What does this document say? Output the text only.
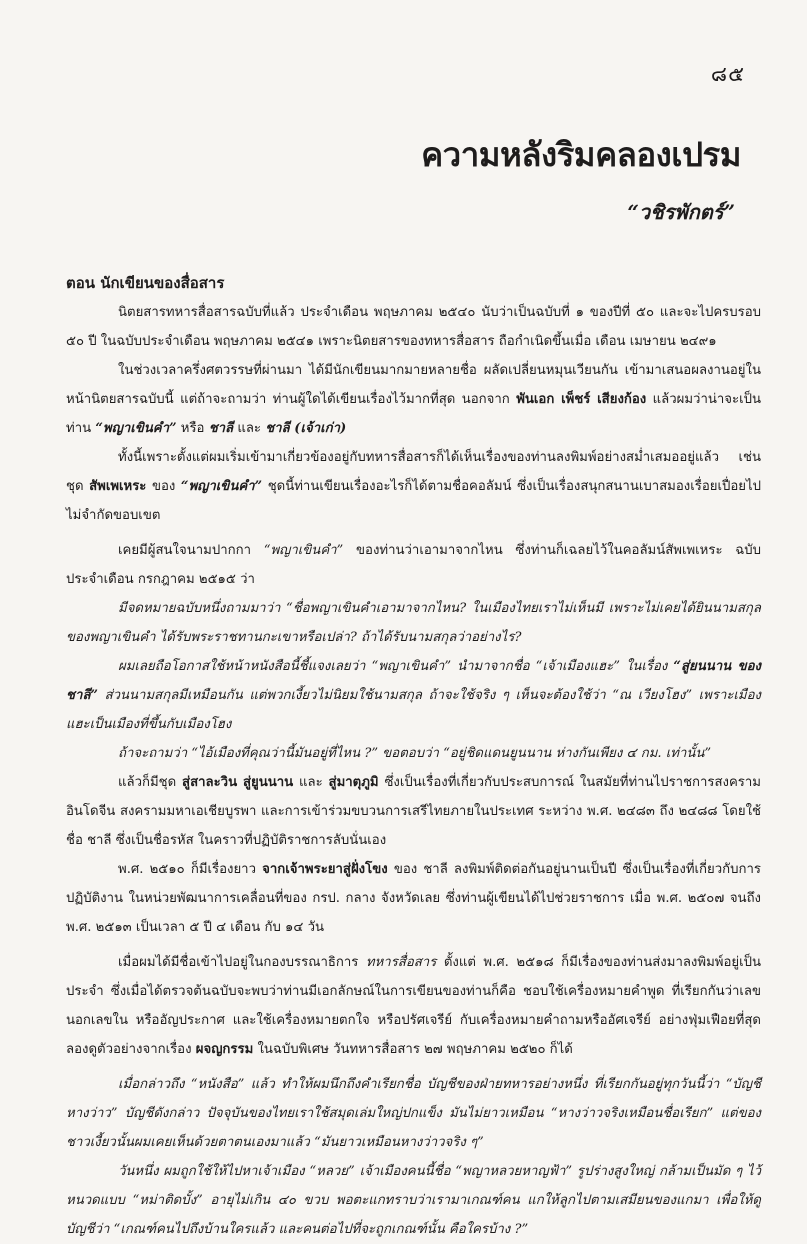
๘๕
ความหลังริมคลองเปรม
“วชิรพักตร์”
ตอน นักเขียนของสื่อสาร

นิตยสารทหารสื่อสารฉบับที่แล้ว ประจำเดือน พฤษภาคม ๒๕๔๐ นับว่าเป็นฉบับที่ ๑ ของปีที่ ๕๐ และจะไปครบรอบ ๕๐ ปี ในฉบับประจำเดือน พฤษภาคม ๒๕๔๑ เพราะนิตยสารของทหารสื่อสาร ถือกำเนิดขึ้นเมื่อ เดือน เมษายน ๒๔๙๑

ในช่วงเวลาครึ่งศตวรรษที่ผ่านมา ได้มีนักเขียนมากมายหลายชื่อ ผลัดเปลี่ยนหมุนเวียนกัน เข้ามาเสนอผลงานอยู่ในหน้านิตยสารฉบับนี้ แต่ถ้าจะถามว่า ท่านผู้ใดได้เขียนเรื่องไว้มากที่สุด นอกจาก พันเอก เพ็ชร์ เสียงก้อง แล้วผมว่าน่าจะเป็นท่าน “พญาเขินคำ” หรือ ชาลี และ ชาลี (เจ้าเก่า)

ทั้งนี้เพราะตั้งแต่ผมเริ่มเข้ามาเกี่ยวข้องอยู่กับทหารสื่อสารก็ได้เห็นเรื่องของท่านลงพิมพ์อย่างสม่ำเสมออยู่แล้ว เช่น ชุด สัพเพเหระ ของ “พญาเขินคำ” ชุดนี้ท่านเขียนเรื่องอะไรก็ได้ตามชื่อคอลัมน์ ซึ่งเป็นเรื่องสนุกสนานเบาสมองเรื่อยเปื่อยไปไม่จำกัดขอบเขต

เคยมีผู้สนใจนามปากกา “พญาเขินคำ” ของท่านว่าเอามาจากไหน ซึ่งท่านก็เฉลยไว้ในคอลัมน์สัพเพเหระ ฉบับประจำเดือน กรกฎาคม ๒๕๑๕ ว่า

มีจดหมายฉบับหนึ่งถามมาว่า “ชื่อพญาเขินคำเอามาจากไหน? ในเมืองไทยเราไม่เห็นมี เพราะไม่เคยได้ยินนามสกุลของพญาเขินคำ ได้รับพระราชทานกะเขาหรือเปล่า? ถ้าได้รับนามสกุลว่าอย่างไร?

ผมเลยถือโอกาสใช้หน้าหนังสือนี้ชี้แจงเลยว่า “พญาเขินคำ” นำมาจากชื่อ “เจ้าเมืองแฮะ” ในเรื่อง “สู่ยนนาน ของชาลี” ส่วนนามสกุลมีเหมือนกัน แต่พวกเงี้ยวไม่นิยมใช้นามสกุล ถ้าจะใช้จริง ๆ เห็นจะต้องใช้ว่า “ณ เวียงโฮง” เพราะเมืองแฮะเป็นเมืองที่ขึ้นกับเมืองโฮง

ถ้าจะถามว่า “ไอ้เมืองที่คุณว่านี้มันอยู่ที่ไหน ?” ขอตอบว่า “อยู่ชิดแดนยูนนาน ห่างกันเพียง ๔ กม. เท่านั้น”

แล้วก็มีชุด สู่สาละวิน สู่ยูนนาน และ สู่มาตุภูมิ ซึ่งเป็นเรื่องที่เกี่ยวกับประสบการณ์ ในสมัยที่ท่านไปราชการสงครามอินโดจีน สงครามมหาเอเชียบูรพา และการเข้าร่วมขบวนการเสรีไทยภายในประเทศ ระหว่าง พ.ศ. ๒๔๘๓ ถึง ๒๔๘๘ โดยใช้ ชื่อ ชาลี ซึ่งเป็นชื่อรหัส ในคราวที่ปฏิบัติราชการลับนั่นเอง

พ.ศ. ๒๕๑๐ ก็มีเรื่องยาว จากเจ้าพระยาสู่ฝั่งโขง ของ ชาลี ลงพิมพ์ติดต่อกันอยู่นานเป็นปี ซึ่งเป็นเรื่องที่เกี่ยวกับการปฏิบัติงาน ในหน่วยพัฒนาการเคลื่อนที่ของ กรป. กลาง จังหวัดเลย ซึ่งท่านผู้เขียนได้ไปช่วยราชการ เมื่อ พ.ศ. ๒๕๐๗ จนถึง พ.ศ. ๒๕๑๓ เป็นเวลา ๕ ปี ๔ เดือน กับ ๑๔ วัน

เมื่อผมได้มีชื่อเข้าไปอยู่ในกองบรรณาธิการ ทหารสื่อสาร ตั้งแต่ พ.ศ. ๒๕๑๘ ก็มีเรื่องของท่านส่งมาลงพิมพ์อยู่เป็นประจำ ซึ่งเมื่อได้ตรวจต้นฉบับจะพบว่าท่านมีเอกลักษณ์ในการเขียนของท่านก็คือ ชอบใช้เครื่องหมายคำพูด ที่เรียกกันว่าเลขนอกเลขใน หรืออัญประกาศ และใช้เครื่องหมายตกใจ หรือปรัศเจรีย์ กับเครื่องหมายคำถามหรืออัศเจรีย์ อย่างฟุ่มเฟือยที่สุด ลองดูตัวอย่างจากเรื่อง ผจญกรรม ในฉบับพิเศษ วันทหารสื่อสาร ๒๗ พฤษภาคม ๒๕๒๐ ก็ได้

เมื่อกล่าวถึง “หนังสือ” แล้ว ทำให้ผมนึกถึงคำเรียกชื่อ บัญชีของฝ่ายทหารอย่างหนึ่ง ที่เรียกกันอยู่ทุกวันนี้ว่า “บัญชีหางว่าว” บัญชีดังกล่าว ปัจจุบันของไทยเราใช้สมุดเล่มใหญ่ปกแข็ง มันไม่ยาวเหมือน “หางว่าวจริงเหมือนชื่อเรียก” แต่ของชาวเงี้ยวนั้นผมเคยเห็นด้วยตาตนเองมาแล้ว “มันยาวเหมือนหางว่าวจริง ๆ”

วันหนึ่ง ผมถูกใช้ให้ไปหาเจ้าเมือง “หลวย” เจ้าเมืองคนนี้ชื่อ “พญาหลวยหาญฟ้า” รูปร่างสูงใหญ่ กล้ามเป็นมัด ๆ ไว้หนวดแบบ “หม่าติดบั้ง” อายุไม่เกิน ๔๐ ขวบ พอตะแกทราบว่าเรามาเกณฑ์คน แกให้ลูกไปตามเสมียนของแกมา เพื่อให้ดูบัญชีว่า “เกณฑ์คนไปถึงบ้านใครแล้ว และคนต่อไปที่จะถูกเกณฑ์นั้น คือใครบ้าง ?”
